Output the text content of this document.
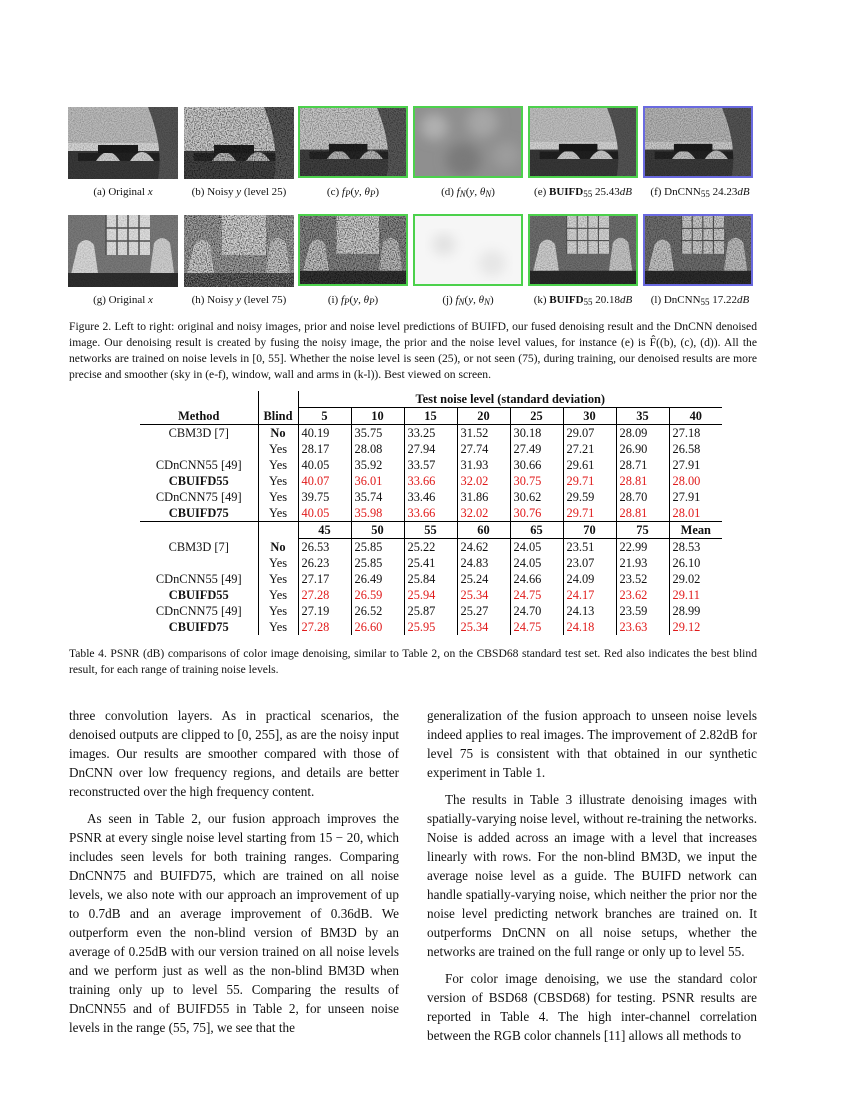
(a) Original x	(b) Noisy y (level 25)	(c) $f_P(y$, $\theta_P$)	(d) $f_N(y$, $\theta_N$)	(e) $BUIFD_{55}$ 25.43dB	(f) DnCNN$_{55}$ 24.23dB
(g) Original x	(h) Noisy y (level 75)	(i) $f_P(y$, $\theta_P$)	(j) $f_N(y$, $\theta_N$)	(k) $BUIFD_{55}$ 20.18dB	(l) DnCNN$_{55}$ 17.22dB

Figure 2. Left to right: original and noisy images, prior and noise level predictions of BUIFD, our fused denoising result and the DnCNN denoised image. Our denoising result is created by fusing the noisy image, the prior and the noise level values, for instance (e) is F̂((b), (c), (d)). All the networks are trained on noise levels in [0, 55]. Whether the noise level is seen (25), or not seen (75), during training, our denoised results are more precise and smoother (sky in (e-f), window, wall and arms in (k-l)). Best viewed on screen.

		Test noise level (standard deviation)							
Method	Blind	5	10	15	20	25	30	35	40
CBM3D [7]	No	40.19	35.75	33.25	31.52	30.18	29.07	28.09	27.18
	Yes	28.17	28.08	27.94	27.74	27.49	27.21	26.90	26.58
CDnCNN55 [49]	Yes	40.05	35.92	33.57	31.93	30.66	29.61	28.71	27.91
CBUIFD55	Yes	40.07	36.01	33.66	32.02	30.75	29.71	28.81	28.00
CDnCNN75 [49]	Yes	39.75	35.74	33.46	31.86	30.62	29.59	28.70	27.91
CBUIFD75	Yes	40.05	35.98	33.66	32.02	30.76	29.71	28.81	28.01
		45	50	55	60	65	70	75	Mean
CBM3D [7]	No	26.53	25.85	25.22	24.62	24.05	23.51	22.99	28.53
	Yes	26.23	25.85	25.41	24.83	24.05	23.07	21.93	26.10
CDnCNN55 [49]	Yes	27.17	26.49	25.84	25.24	24.66	24.09	23.52	29.02
CBUIFD55	Yes	27.28	26.59	25.94	25.34	24.75	24.17	23.62	29.11
CDnCNN75 [49]	Yes	27.19	26.52	25.87	25.27	24.70	24.13	23.59	28.99
CBUIFD75	Yes	27.28	26.60	25.95	25.34	24.75	24.18	23.63	29.12
Table 4. PSNR (dB) comparisons of color image denoising, similar to Table 2, on the CBSD68 standard test set. Red also indicates the best blind result, for each range of training noise levels.

three convolution layers. As in practical scenarios, the denoised outputs are clipped to [0, 255], as are the noisy input images. Our results are smoother compared with those of DnCNN over low frequency regions, and details are better reconstructed over the high frequency content.

As seen in Table 2, our fusion approach improves the PSNR at every single noise level starting from 15 − 20, which includes seen levels for both training ranges. Comparing DnCNN75 and BUIFD75, which are trained on all noise levels, we also note with our approach an improvement of up to 0.7dB and an average improvement of 0.36dB. We outperform even the non-blind version of BM3D by an average of 0.25dB with our version trained on all noise levels and we perform just as well as the non-blind BM3D when training only up to level 55. Comparing the results of DnCNN55 and of BUIFD55 in Table 2, for unseen noise levels in the range (55, 75], we see that the

generalization of the fusion approach to unseen noise levels indeed applies to real images. The improvement of 2.82dB for level 75 is consistent with that obtained in our synthetic experiment in Table 1.

The results in Table 3 illustrate denoising images with spatially-varying noise level, without re-training the networks. Noise is added across an image with a level that increases linearly with rows. For the non-blind BM3D, we input the average noise level as a guide. The BUIFD network can handle spatially-varying noise, which neither the prior nor the noise level predicting network branches are trained on. It outperforms DnCNN on all noise setups, whether the networks are trained on the full range or only up to level 55.

For color image denoising, we use the standard color version of BSD68 (CBSD68) for testing. PSNR results are reported in Table 4. The high inter-channel correlation between the RGB color channels [11] allows all methods to
